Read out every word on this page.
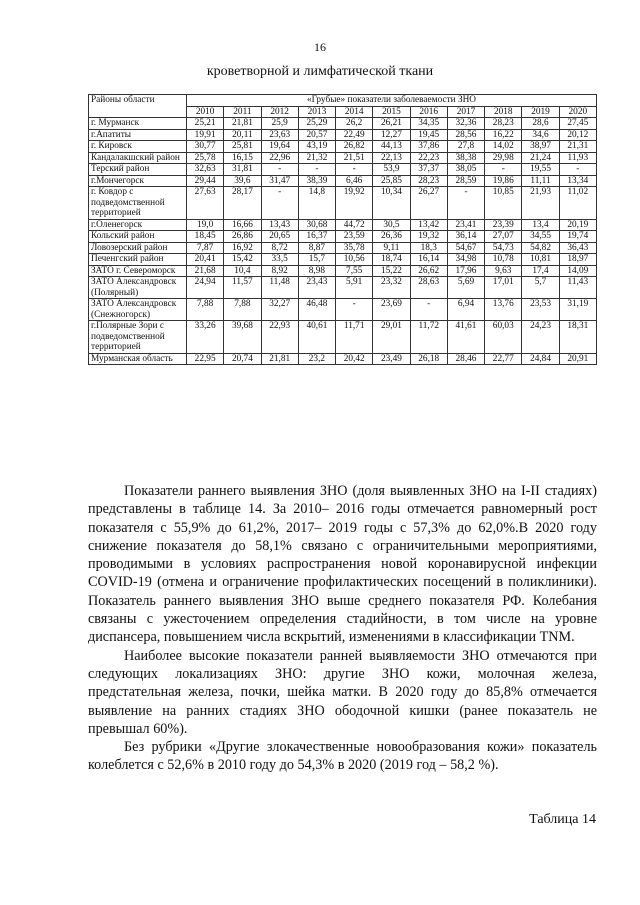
16
кроветворной и лимфатической ткани
Районы области	«Грубые» показатели заболеваемости ЗНО										
	2010	2011	2012	2013	2014	2015	2016	2017	2018	2019	2020
г. Мурманск	25,21	21,81	25,9	25,29	26,2	26,21	34,35	32,36	28,23	28,6	27,45
г.Апатиты	19,91	20,11	23,63	20,57	22,49	12,27	19,45	28,56	16,22	34,6	20,12
г. Кировск	30,77	25,81	19,64	43,19	26,82	44,13	37,86	27,8	14,02	38,97	21,31
Кандалакшский район	25,78	16,15	22,96	21,32	21,51	22,13	22,23	38,38	29,98	21,24	11,93
Терский район	32,63	31,81	-	-	-	53,9	37,37	38,05	-	19,55	-
г.Мончегорск	29,44	39,6	31,47	38,39	6,46	25,85	28,23	28,59	19,86	11,11	13,34
г. Ковдор с подведомственной территорией	27,63	28,17	-	14,8	19,92	10,34	26,27	-	10,85	21,93	11,02
г.Оленегорск	19,0	16,66	13,43	30,68	44,72	30,5	13,42	23,41	23,39	13,4	20,19
Кольский район	18,45	26,86	20,65	16,37	23,59	26,36	19,32	36,14	27,07	34,55	19,74
Ловозерский район	7,87	16,92	8,72	8,87	35,78	9,11	18,3	54,67	54,73	54,82	36,43
Печенгский район	20,41	15,42	33,5	15,7	10,56	18,74	16,14	34,98	10,78	10,81	18,97
ЗАТО г. Североморск	21,68	10,4	8,92	8,98	7,55	15,22	26,62	17,96	9,63	17,4	14,09
ЗАТО Александровск (Полярный)	24,94	11,57	11,48	23,43	5,91	23,32	28,63	5,69	17,01	5,7	11,43
ЗАТО Александровск (Снежногорск)	7,88	7,88	32,27	46,48	-	23,69	-	6,94	13,76	23,53	31,19
г.Полярные Зори с подведомственной территорией	33,26	39,68	22,93	40,61	11,71	29,01	11,72	41,61	60,03	24,23	18,31
Мурманская область	22,95	20,74	21,81	23,2	20,42	23,49	26,18	28,46	22,77	24,84	20,91

Показатели раннего выявления ЗНО (доля выявленных ЗНО на I-II стадиях) представлены в таблице 14. За 2010– 2016 годы отмечается равномерный рост показателя с 55,9% до 61,2%, 2017– 2019 годы с 57,3% до 62,0%.В 2020 году снижение показателя до 58,1% связано с ограничительными мероприятиями, проводимыми в условиях распространения новой коронавирусной инфекции COVID-19 (отмена и ограничение профилактических посещений в поликлиники). Показатель раннего выявления ЗНО выше среднего показателя РФ. Колебания связаны с ужесточением определения стадийности, в том числе на уровне диспансера, повышением числа вскрытий, изменениями в классификации TNM.

Наиболее высокие показатели ранней выявляемости ЗНО отмечаются при следующих локализациях ЗНО: другие ЗНО кожи, молочная железа, предстательная железа, почки, шейка матки. В 2020 году до 85,8% отмечается выявление на ранних стадиях ЗНО ободочной кишки (ранее показатель не превышал 60%).

Без рубрики «Другие злокачественные новообразования кожи» показатель колеблется с 52,6% в 2010 году до 54,3% в 2020 (2019 год – 58,2 %).

Таблица 14
